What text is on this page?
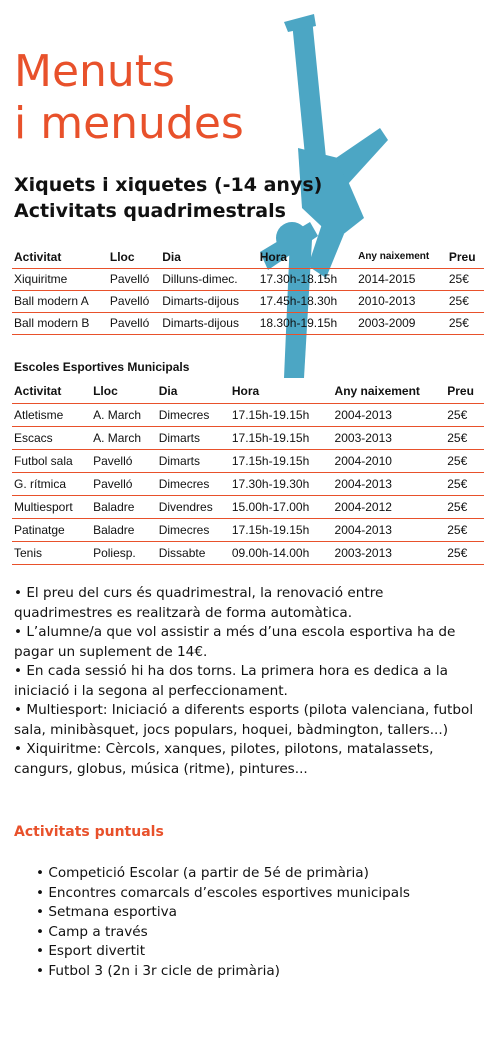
Menuts
i menudes
Xiquets i xiquetes (-14 anys)
Activitats quadrimestrals
Activitat	Lloc	Dia	Hora	Any naixement	Preu
Xiquiritme	Pavelló	Dilluns-dimec.	17.30h-18.15h	2014-2015	25€
Ball modern A	Pavelló	Dimarts-dijous	17.45h-18.30h	2010-2013	25€
Ball modern B	Pavelló	Dimarts-dijous	18.30h-19.15h	2003-2009	25€
Escoles Esportives Municipals
Activitat	Lloc	Dia	Hora	Any naixement	Preu
Atletisme	A. March	Dimecres	17.15h-19.15h	2004-2013	25€
Escacs	A. March	Dimarts	17.15h-19.15h	2003-2013	25€
Futbol sala	Pavelló	Dimarts	17.15h-19.15h	2004-2010	25€
G. rítmica	Pavelló	Dimecres	17.30h-19.30h	2004-2013	25€
Multiesport	Baladre	Divendres	15.00h-17.00h	2004-2012	25€
Patinatge	Baladre	Dimecres	17.15h-19.15h	2004-2013	25€
Tenis	Poliesp.	Dissabte	09.00h-14.00h	2003-2013	25€

• El preu del curs és quadrimestral, la renovació entre quadrimestres es realitzarà de forma automàtica.

• L’alumne/a que vol assistir a més d’una escola esportiva ha de pagar un suplement de 14€.

• En cada sessió hi ha dos torns. La primera hora es dedica a la iniciació i la segona al perfeccionament.

• Multiesport: Iniciació a diferents esports (pilota valenciana, futbol sala, minibàsquet, jocs populars, hoquei, bàdmington, tallers...)

• Xiquiritme: Cèrcols, xanques, pilotes, pilotons, matalassets, cangurs, globus, música (ritme), pintures...

Activitats puntuals
• Competició Escolar (a partir de 5é de primària)
• Encontres comarcals d’escoles esportives municipals
• Setmana esportiva
• Camp a través
• Esport divertit
• Futbol 3 (2n i 3r cicle de primària)
